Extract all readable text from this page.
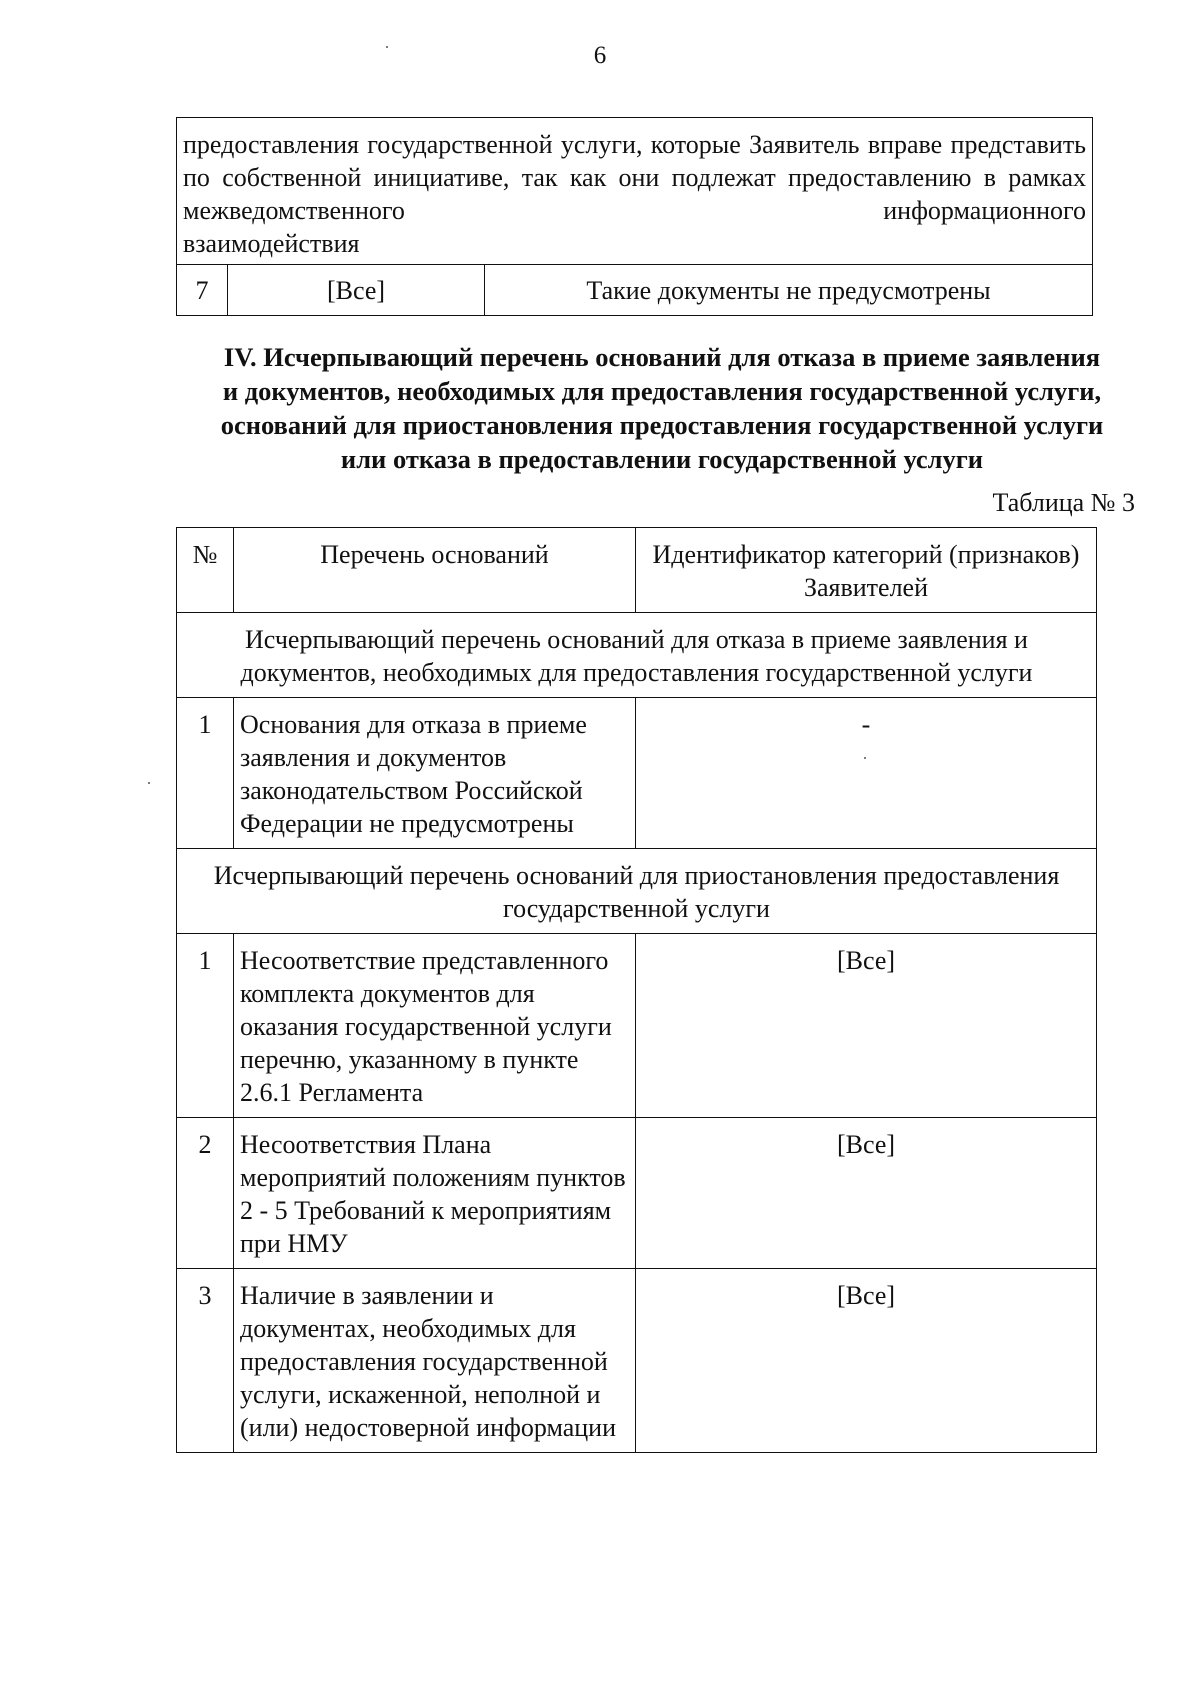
6
предоставления государственной услуги, которые Заявитель вправе представить по собственной инициативе, так как они подлежат предоставлению в рамках межведомственного информационного
взаимодействия

7	[Все]	Такие документы не предусмотрены
IV. Исчерпывающий перечень оснований для отказа в приеме заявления
и документов, необходимых для предоставления государственной услуги,
оснований для приостановления предоставления государственной услуги
или отказа в предоставлении государственной услуги
Таблица № 3
№	Перечень оснований	Идентификатор категорий (признаков) Заявителей
Исчерпывающий перечень оснований для отказа в приеме заявления и документов, необходимых для предоставления государственной услуги		
1	Основания для отказа в приеме заявления и документов законодательством Российской Федерации не предусмотрены	-
Исчерпывающий перечень оснований для приостановления предоставления государственной услуги		
1	Несоответствие представленного комплекта документов для оказания государственной услуги перечню, указанному в пункте 2.6.1 Регламента	[Все]
2	Несоответствия Плана мероприятий положениям пунктов 2 - 5 Требований к мероприятиям при НМУ	[Все]
3	Наличие в заявлении и документах, необходимых для предоставления государственной услуги, искаженной, неполной и (или) недостоверной информации	[Все]
